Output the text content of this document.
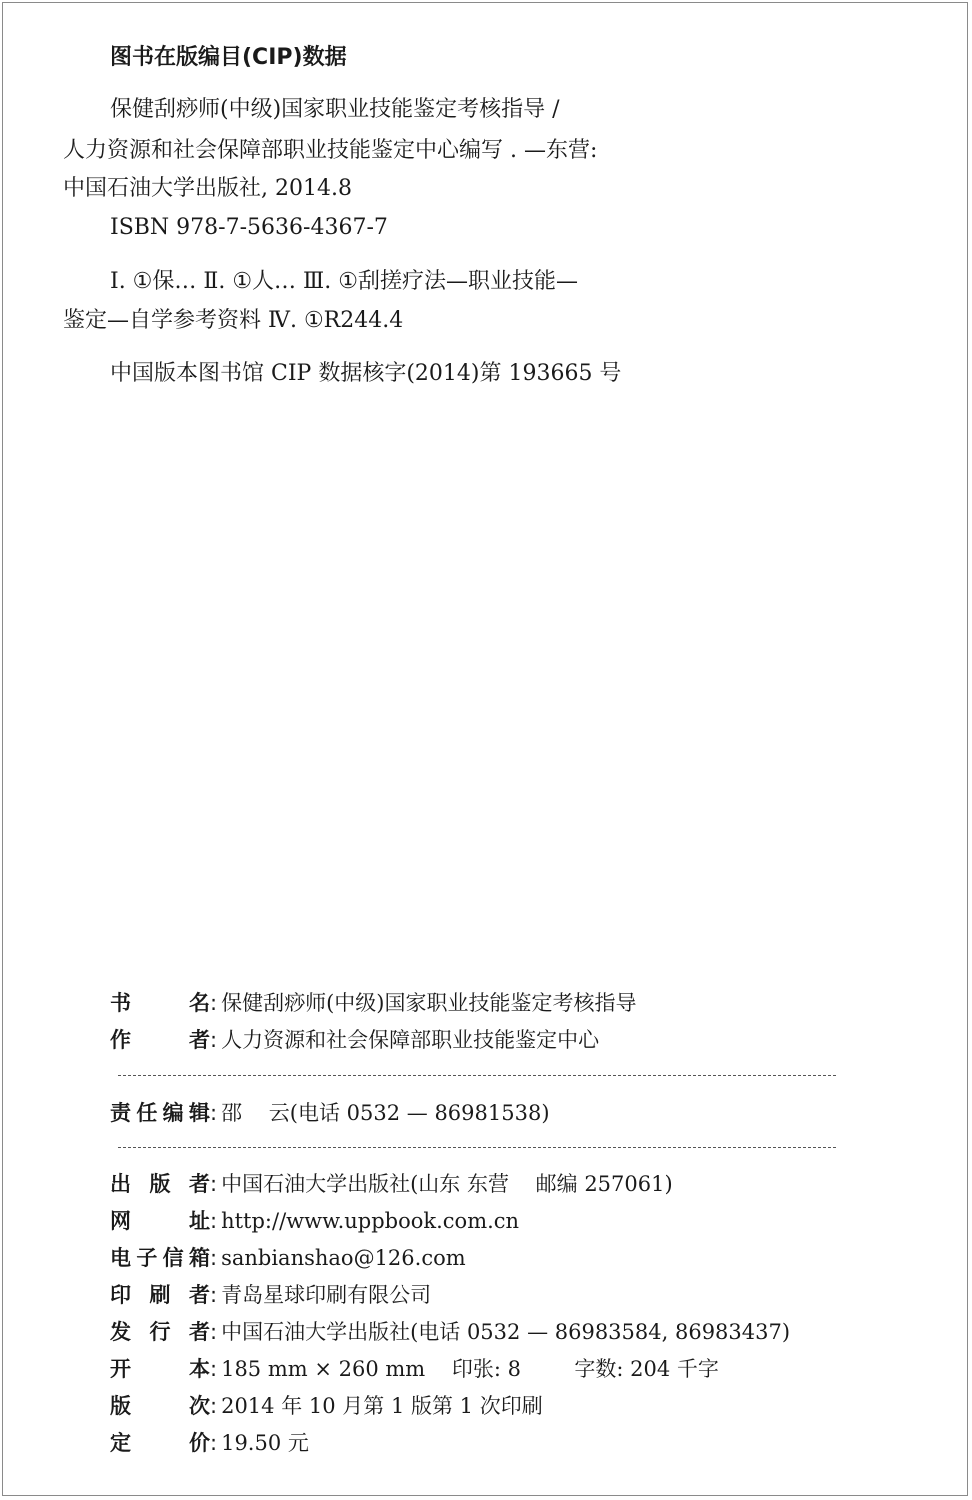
图书在版编目(CIP)数据
保健刮痧师(中级)国家职业技能鉴定考核指导 /
人力资源和社会保障部职业技能鉴定中心编写 . —东营:
中国石油大学出版社, 2014.8
ISBN 978-7-5636-4367-7
Ⅰ. ①保… Ⅱ. ①人… Ⅲ. ①刮搓疗法—职业技能—
鉴定—自学参考资料 Ⅳ. ①R244.4
中国版本图书馆 CIP 数据核字(2014)第 193665 号
书	名 : 保健刮痧师(中级)国家职业技能鉴定考核指导
作	者 : 人力资源和社会保障部职业技能鉴定中心
责 任 编 辑 : 邵    云(电话 0532 — 86981538)
出 版 者 : 中国石油大学出版社(山东 东营    邮编 257061)
网	址 : http://www.uppbook.com.cn
电 子 信 箱 : sanbianshao@126.com
印 刷 者 : 青岛星球印刷有限公司
发 行 者 : 中国石油大学出版社(电话 0532 — 86983584, 86983437)
开	本 : 185 mm × 260 mm    印张: 8        字数: 204 千字
版	次 : 2014 年 10 月第 1 版第 1 次印刷
定	价 : 19.50 元
